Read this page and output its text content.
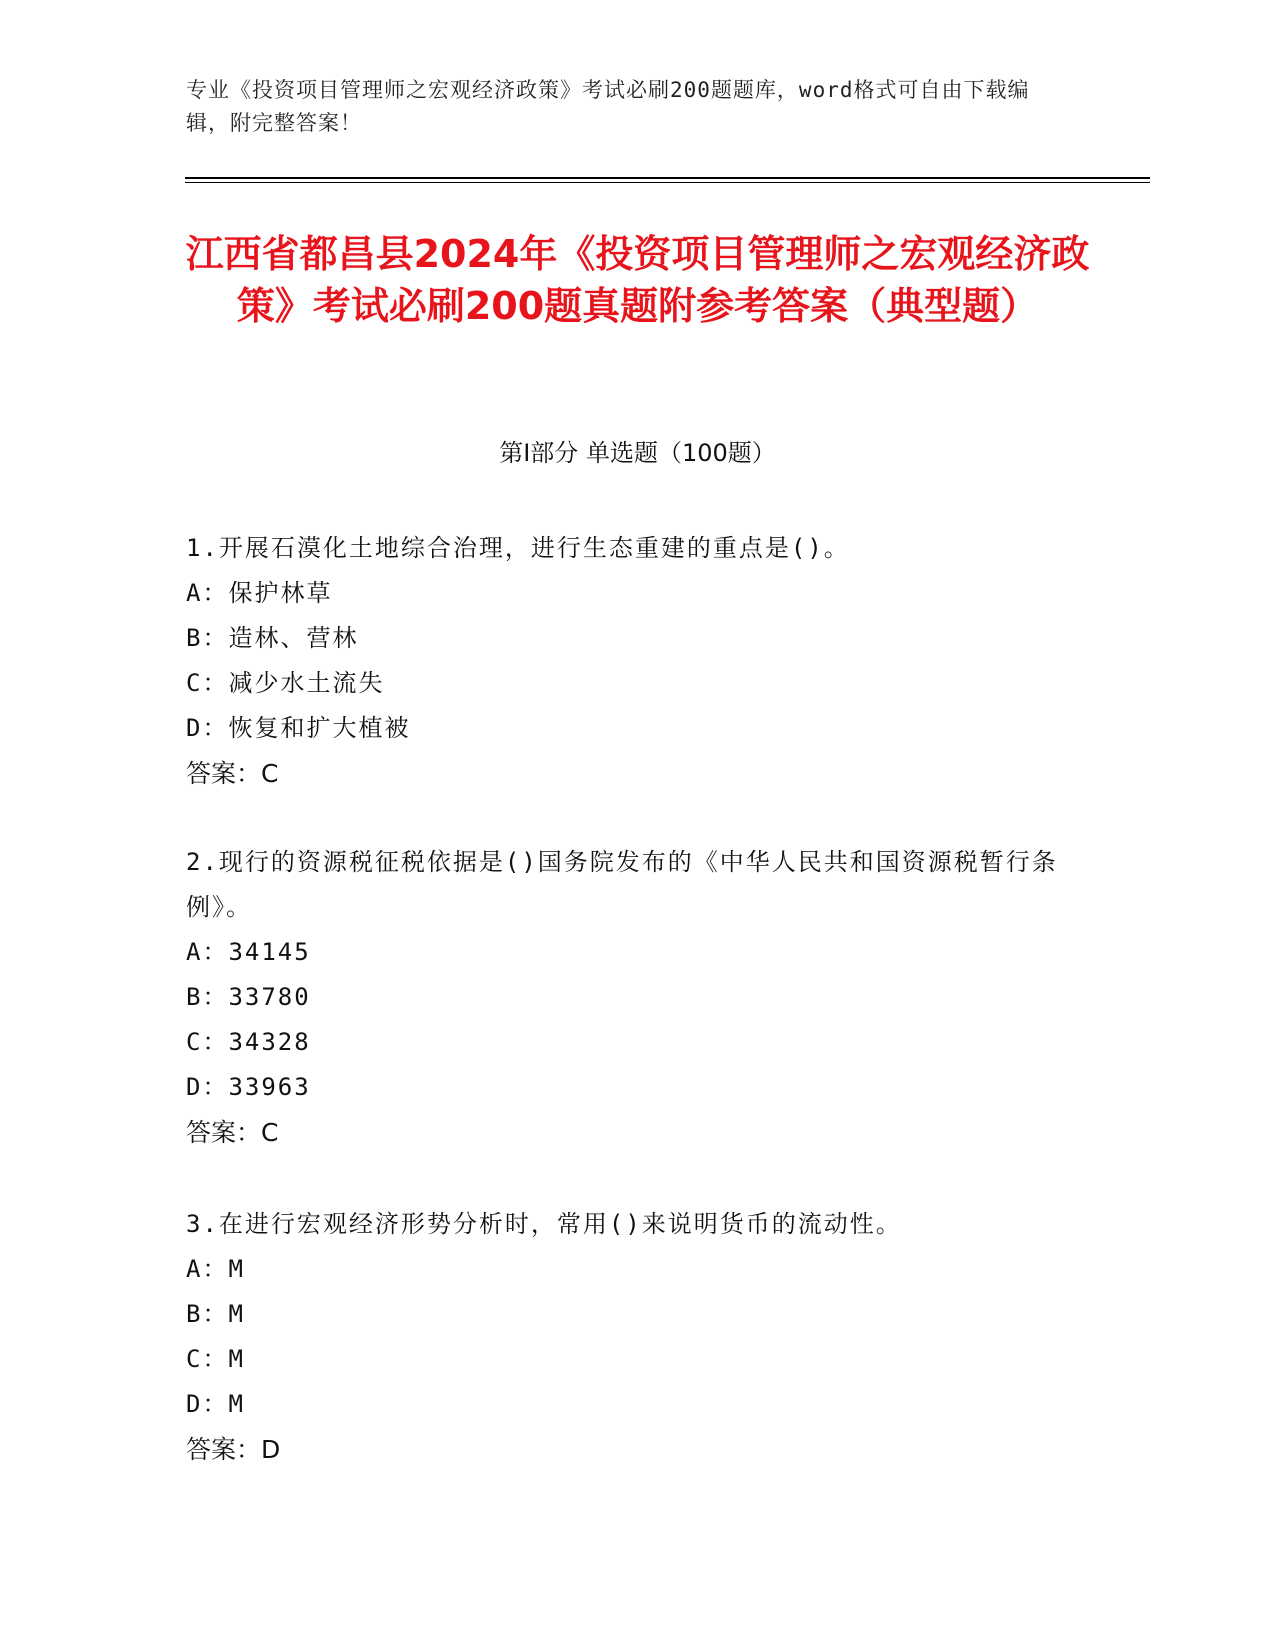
专业《投资项目管理师之宏观经济政策》考试必刷200题题库，word格式可自由下载编辑，附完整答案！
江西省都昌县2024年《投资项目管理师之宏观经济政策》考试必刷200题真题附参考答案（典型题）
第I部分 单选题（100题）

1.开展石漠化土地综合治理，进行生态重建的重点是()。

A：保护林草

B：造林、营林

C：减少水土流失

D：恢复和扩大植被

答案：C

2.现行的资源税征税依据是()国务院发布的《中华人民共和国资源税暂行条例》。

A：34145

B：33780

C：34328

D：33963

答案：C

3.在进行宏观经济形势分析时，常用()来说明货币的流动性。

A：M

B：M

C：M

D：M

答案：D
